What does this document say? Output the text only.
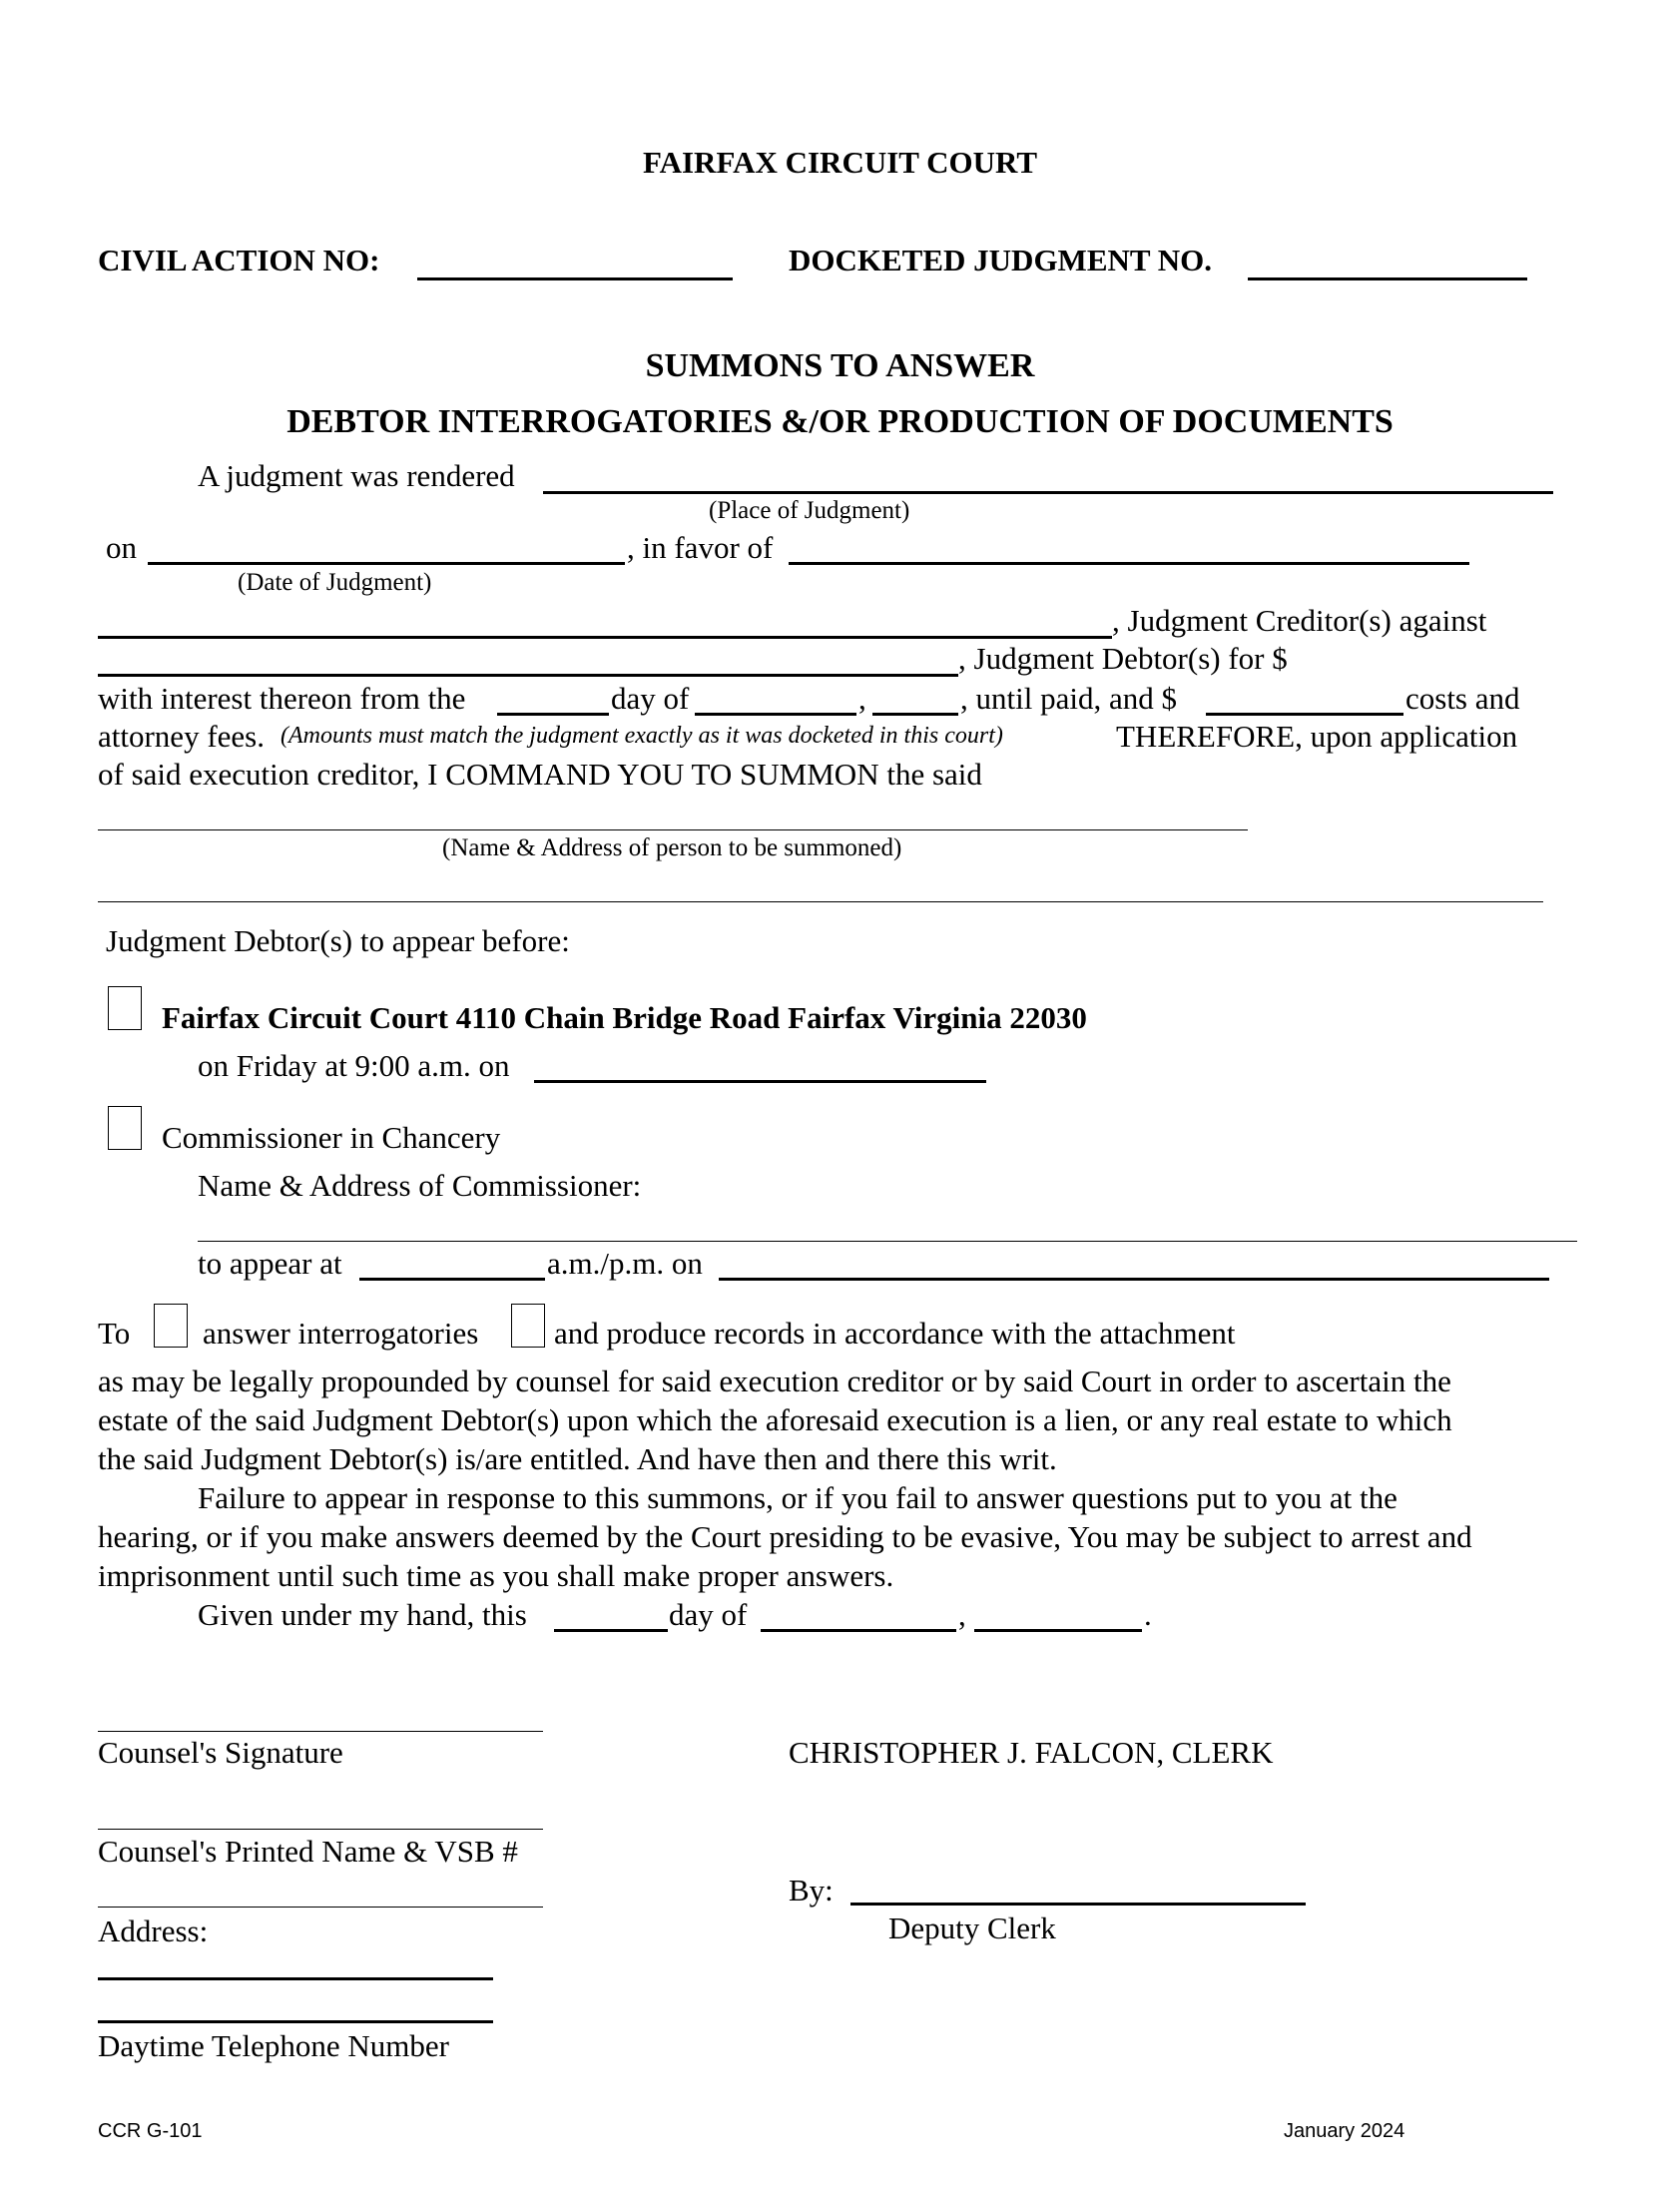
FAIRFAX CIRCUIT COURT
CIVIL ACTION NO:	DOCKETED JUDGMENT NO.
SUMMONS TO ANSWER
DEBTOR INTERROGATORIES &/OR PRODUCTION OF DOCUMENTS
A judgment was rendered
(Place of Judgment)
on	, in favor of
(Date of Judgment)
, Judgment Creditor(s) against
, Judgment Debtor(s) for $
with interest thereon from the	day of	,	, until paid, and $	costs and
attorney fees. (Amounts must match the judgment exactly as it was docketed in this court)	THEREFORE, upon application
of said execution creditor, I COMMAND YOU TO SUMMON the said
(Name & Address of person to be summoned)
Judgment Debtor(s) to appear before:
Fairfax Circuit Court 4110 Chain Bridge Road Fairfax Virginia 22030
on Friday at 9:00 a.m. on
Commissioner in Chancery
Name & Address of Commissioner:
to appear at	a.m./p.m. on
To answer interrogatories and produce records in accordance with the attachment
as may be legally propounded by counsel for said execution creditor or by said Court in order to ascertain the
estate of the said Judgment Debtor(s) upon which the aforesaid execution is a lien, or any real estate to which
the said Judgment Debtor(s) is/are entitled. And have then and there this writ.
Failure to appear in response to this summons, or if you fail to answer questions put to you at the
hearing, or if you make answers deemed by the Court presiding to be evasive, You may be subject to arrest and
imprisonment until such time as you shall make proper answers.
Given under my hand, this	day of	,	.
Counsel's Signature
Counsel's Printed Name & VSB #
Address:
Daytime Telephone Number
CHRISTOPHER J. FALCON, CLERK
By:
Deputy Clerk
CCR G-101	January 2024
